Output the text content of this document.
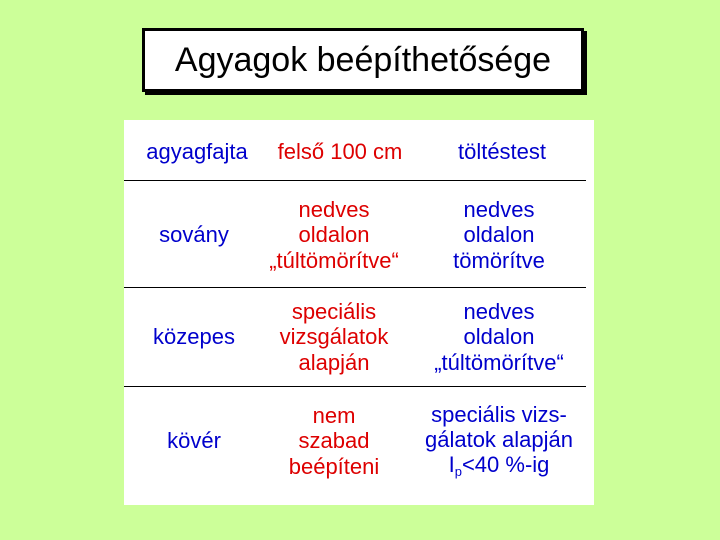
Agyagok beépíthetősége
agyagfajta	felső 100 cm	töltéstest
sovány
nedves
oldalon
„túltömörítve“
nedves
oldalon
tömörítve
közepes
speciális
vizsgálatok
alapján
nedves
oldalon
„túltömörítve“
kövér
nem
szabad
beépíteni
speciális vizs-
gálatok alapján
$I_p<40$ %-ig
